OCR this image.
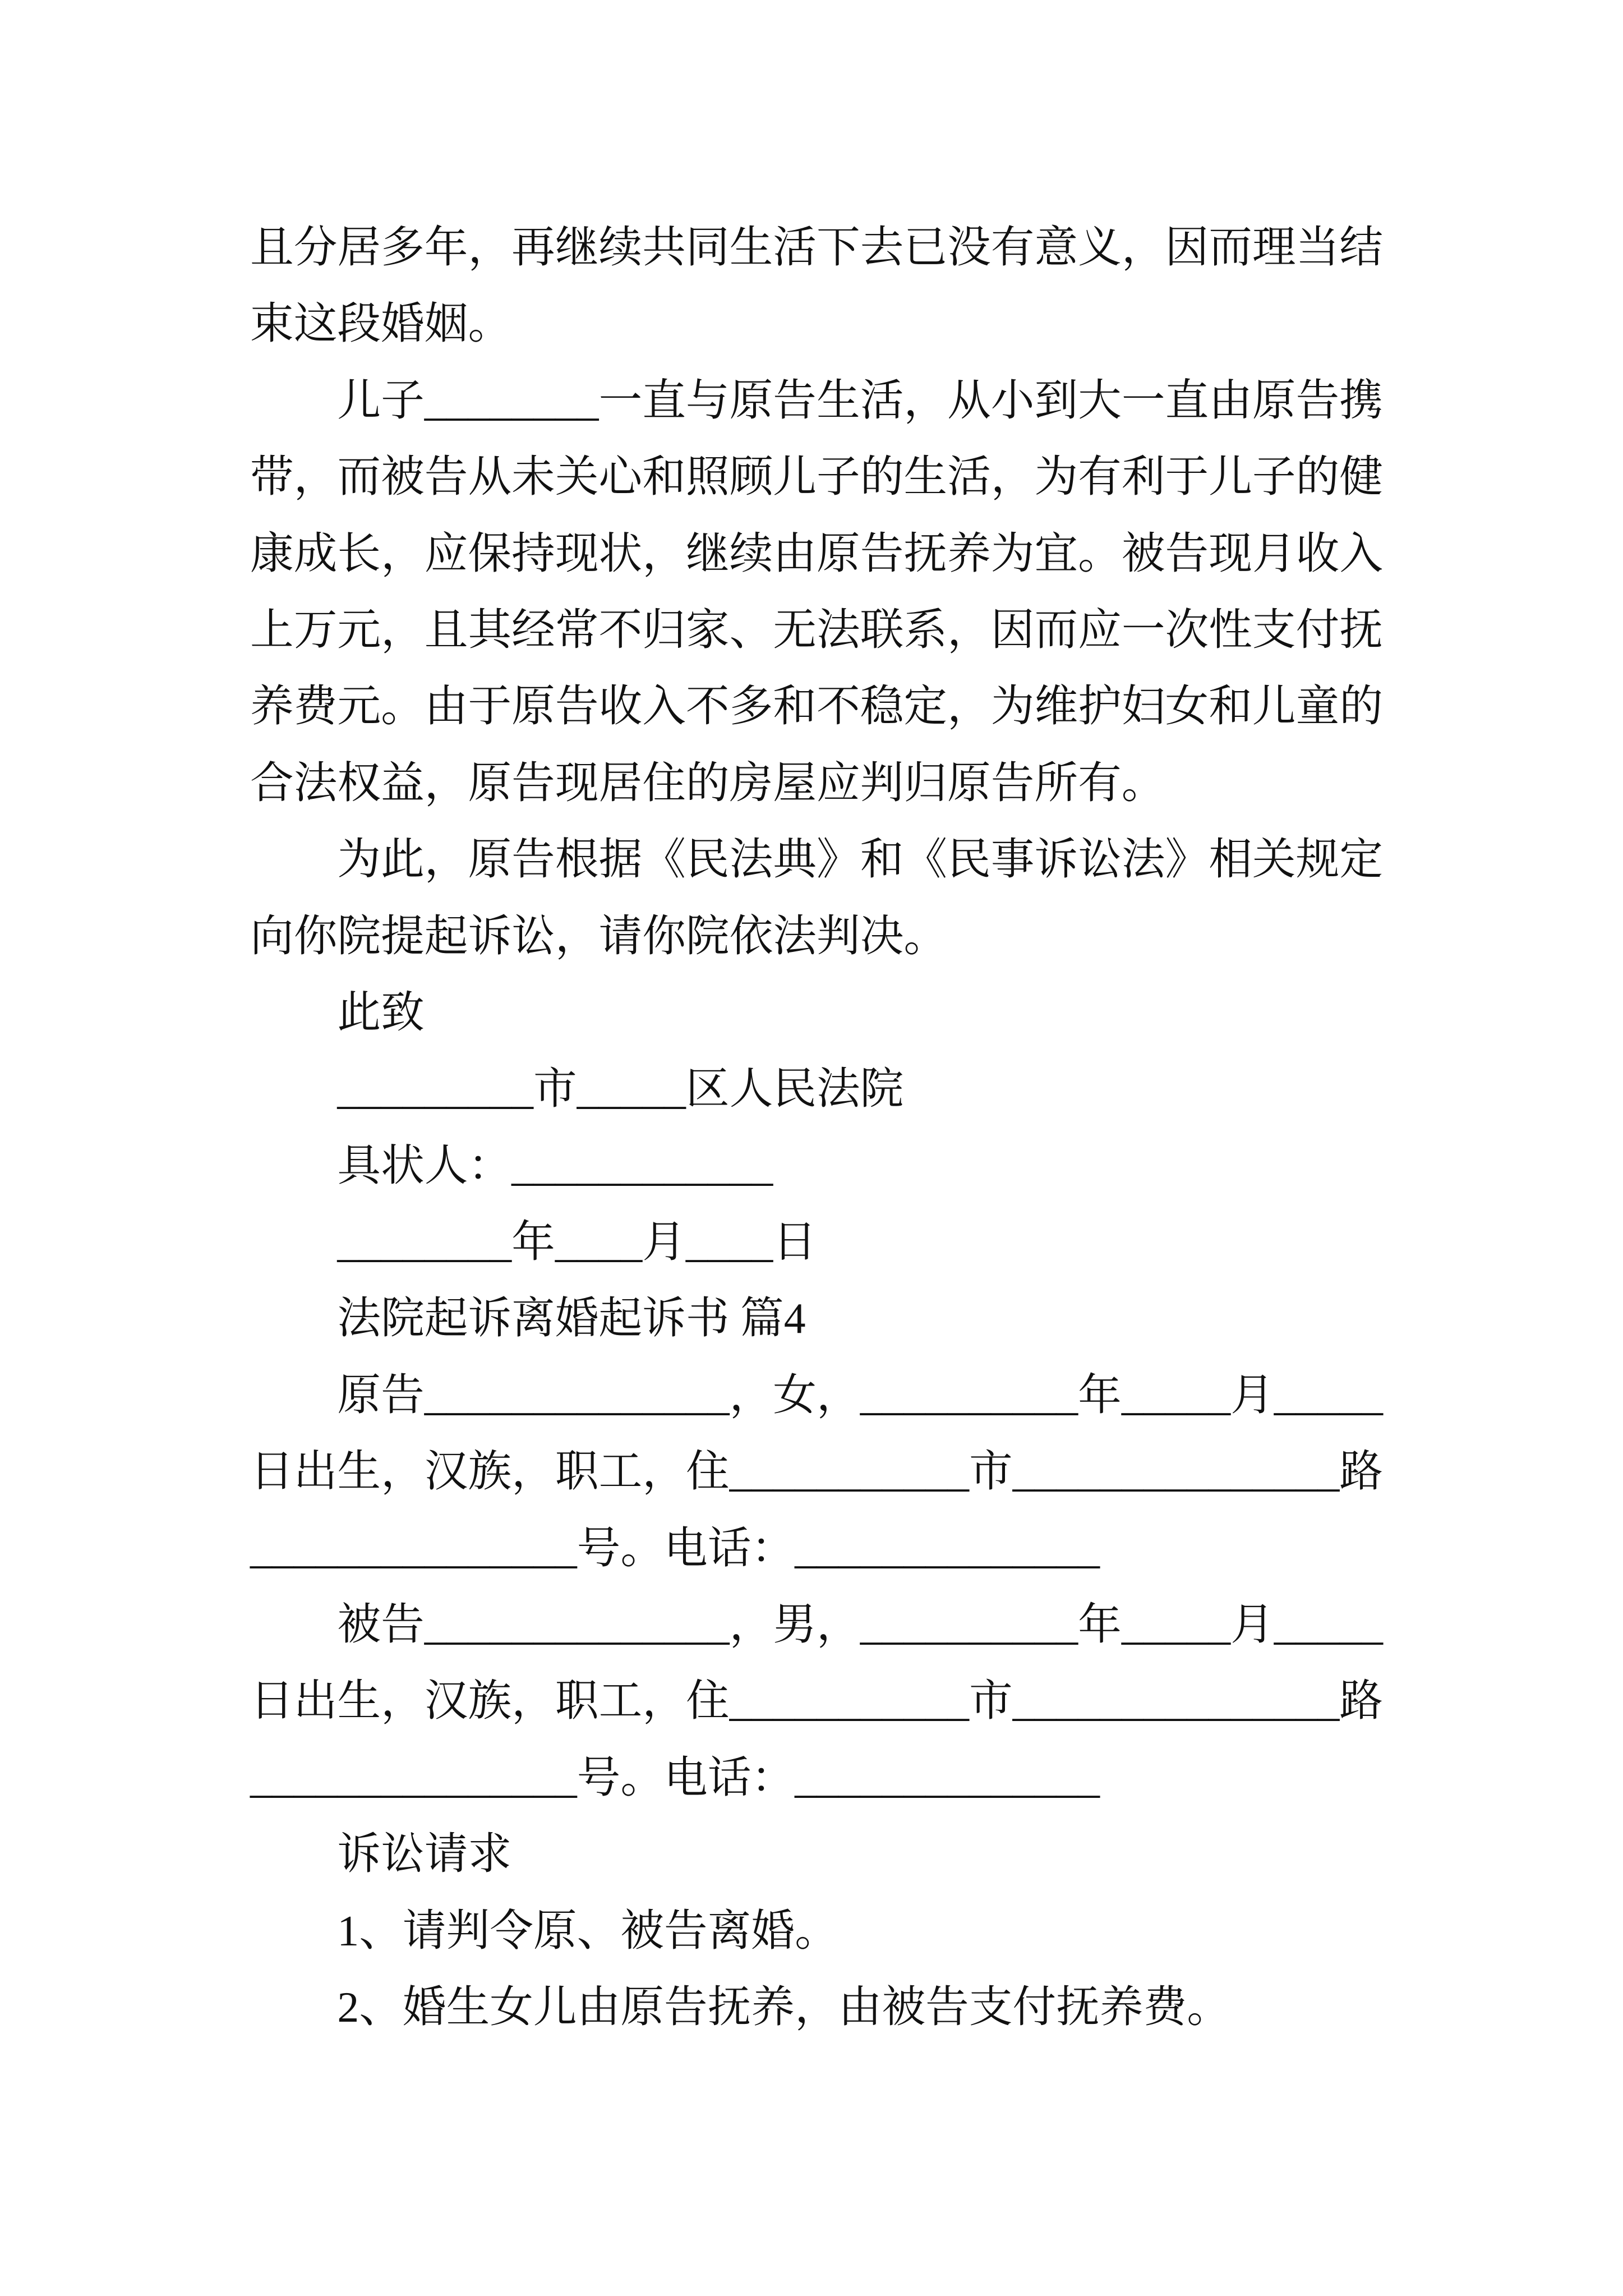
且分居多年，再继续共同生活下去已没有意义，因而理当结
束这段婚姻。
儿子________一直与原告生活，从小到大一直由原告携
带，而被告从未关心和照顾儿子的生活，为有利于儿子的健
康成长，应保持现状，继续由原告抚养为宜。被告现月收入
上万元，且其经常不归家、无法联系，因而应一次性支付抚
养费元。由于原告收入不多和不稳定，为维护妇女和儿童的
合法权益，原告现居住的房屋应判归原告所有。
为此，原告根据《民法典》和《民事诉讼法》相关规定
向你院提起诉讼，请你院依法判决。
此致
_________市_____区人民法院
具状人：____________
________年____月____日
法院起诉离婚起诉书 篇4
原告______________，女，__________年_____月_____
日出生，汉族，职工，住___________市_______________路
_______________号。电话：______________
被告______________，男，__________年_____月_____
日出生，汉族，职工，住___________市_______________路
_______________号。电话：______________
诉讼请求
1、请判令原、被告离婚。
2、婚生女儿由原告抚养，由被告支付抚养费。
